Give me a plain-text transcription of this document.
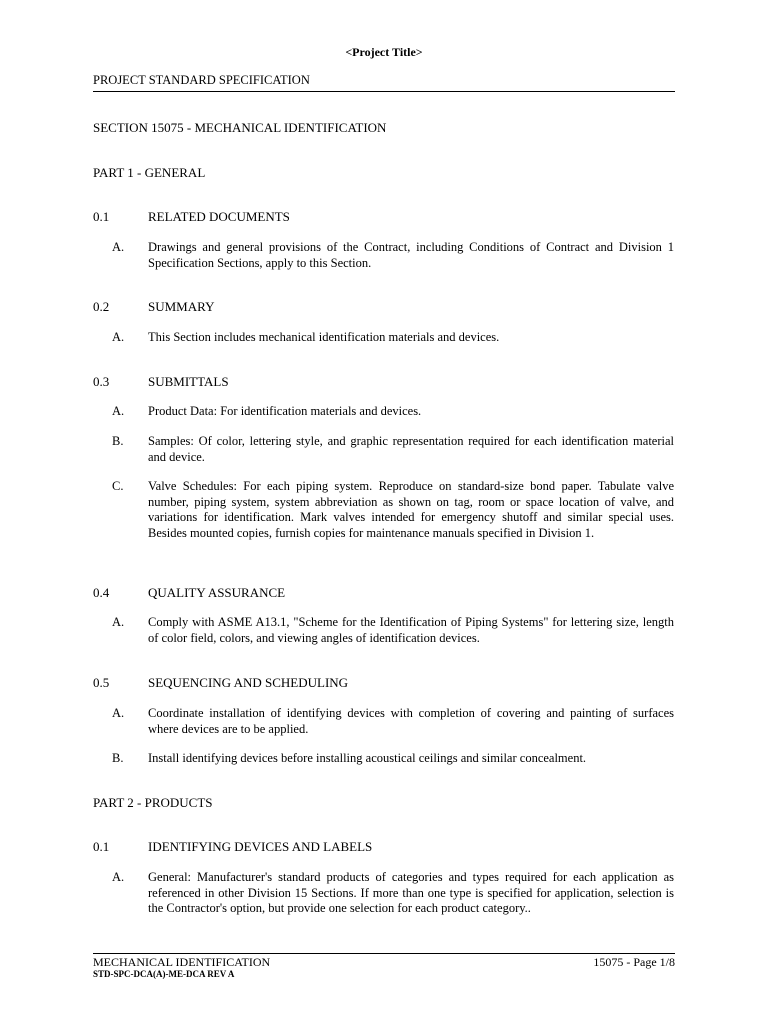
<Project Title>
PROJECT STANDARD SPECIFICATION
SECTION 15075 - MECHANICAL IDENTIFICATION
PART 1 - GENERAL
0.1	RELATED DOCUMENTS
A. Drawings and general provisions of the Contract, including Conditions of Contract and Division 1 Specification Sections, apply to this Section.
0.2	SUMMARY
A. This Section includes mechanical identification materials and devices.
0.3	SUBMITTALS
A. Product Data: For identification materials and devices.
B. Samples: Of color, lettering style, and graphic representation required for each identification material and device.
C. Valve Schedules: For each piping system. Reproduce on standard-size bond paper. Tabulate valve number, piping system, system abbreviation as shown on tag, room or space location of valve, and variations for identification. Mark valves intended for emergency shutoff and similar special uses. Besides mounted copies, furnish copies for maintenance manuals specified in Division 1.
0.4	QUALITY ASSURANCE
A. Comply with ASME A13.1, "Scheme for the Identification of Piping Systems" for lettering size, length of color field, colors, and viewing angles of identification devices.
0.5	SEQUENCING AND SCHEDULING
A. Coordinate installation of identifying devices with completion of covering and painting of surfaces where devices are to be applied.
B. Install identifying devices before installing acoustical ceilings and similar concealment.
PART 2 - PRODUCTS
0.1	IDENTIFYING DEVICES AND LABELS
A. General: Manufacturer's standard products of categories and types required for each application as referenced in other Division 15 Sections. If more than one type is specified for application, selection is the Contractor's option, but provide one selection for each product category..
MECHANICAL IDENTIFICATION	15075 - Page 1/8
STD-SPC-DCA(A)-ME-DCA REV A
